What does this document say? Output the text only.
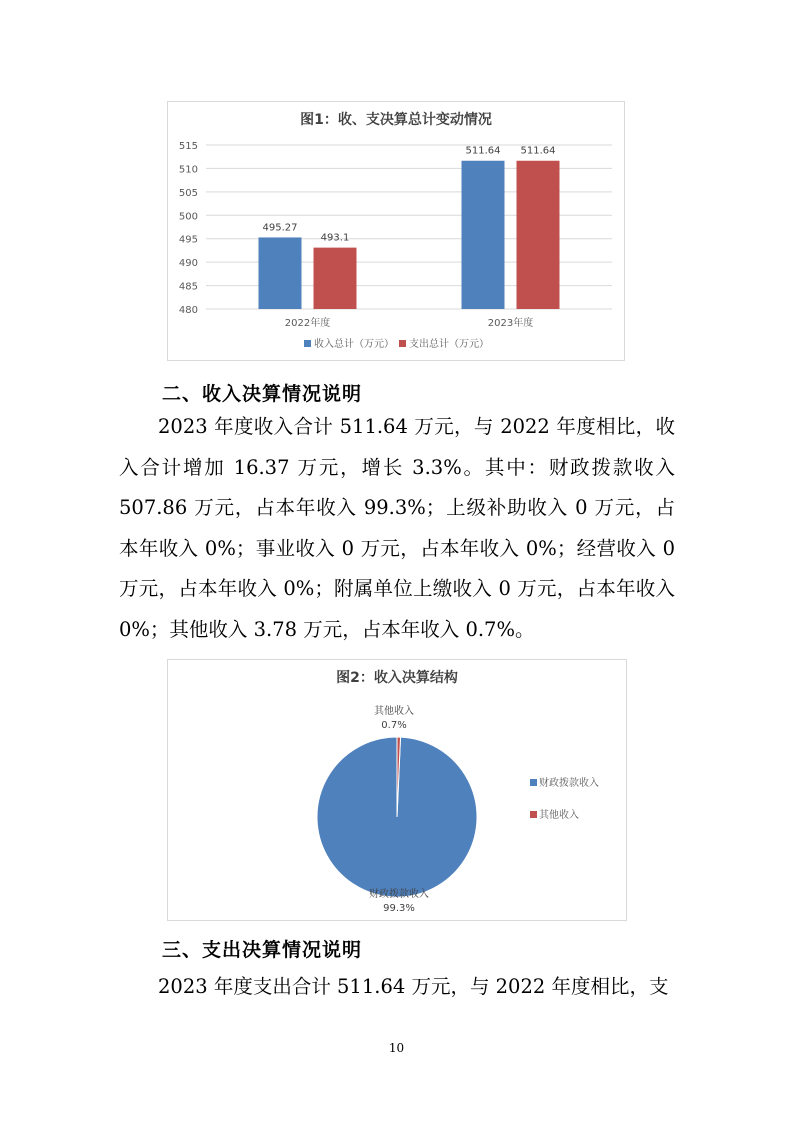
图1：收、支决算总计变动情况
480
485
490
495
500
505
510
515
495.27
493.1
511.64 511.64
2022年度	2023年度
收入总计（万元） 支出总计（万元）
二、收入决算情况说明

2023 年度收入合计 511.64 万元，与 2022 年度相比，收入合计增加 16.37 万元，增长 3.3%。其中：财政拨款收入 507.86 万元，占本年收入 99.3%；上级补助收入 0 万元，占本年收入 0%；事业收入 0 万元，占本年收入 0%；经营收入 0 万元，占本年收入 0%；附属单位上缴收入 0 万元，占本年收入 0%；其他收入 3.78 万元，占本年收入 0.7%。

图2：收入决算结构
财政拨款收入
99.3%
其他收入
0.7%
财政拨款收入
其他收入
三、支出决算情况说明

2023 年度支出合计 511.64 万元，与 2022 年度相比，支

10
